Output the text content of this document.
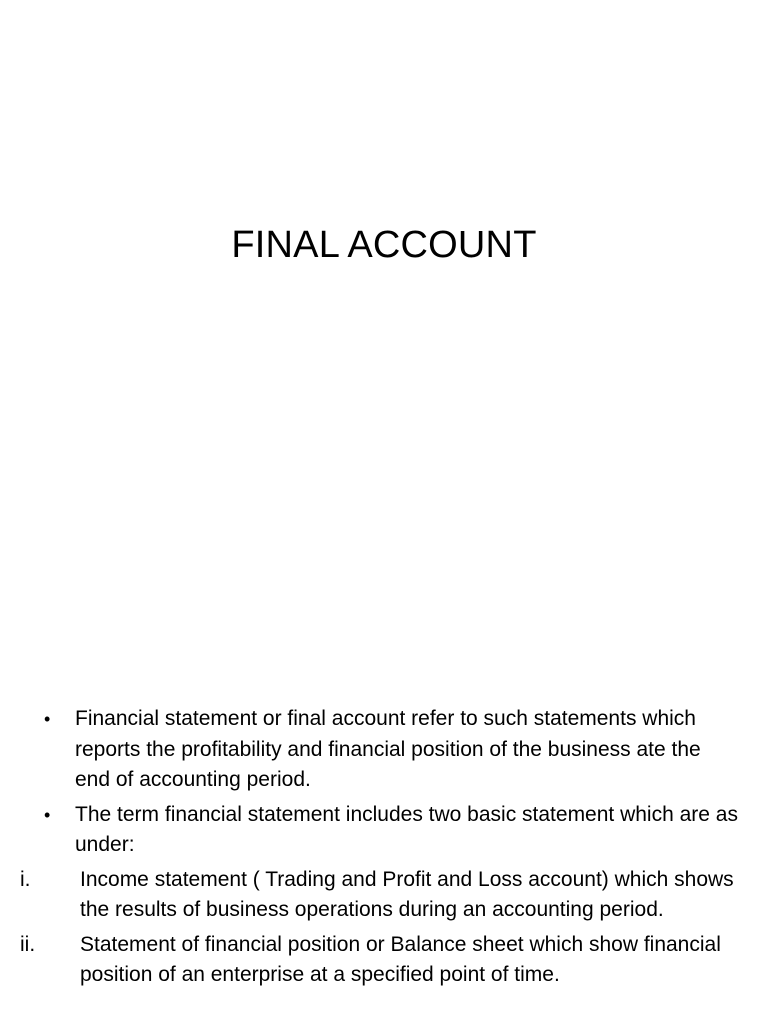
FINAL ACCOUNT
•	Financial statement or final account refer to such statements which reports the profitability and financial position of the business ate the end of accounting period.
•	The term financial statement includes two basic statement which are as under:
i.	Income statement ( Trading and Profit and Loss account) which shows the results of business operations during an accounting period.
ii.	Statement of financial position or Balance sheet which show financial position of an enterprise at a specified point of time.
